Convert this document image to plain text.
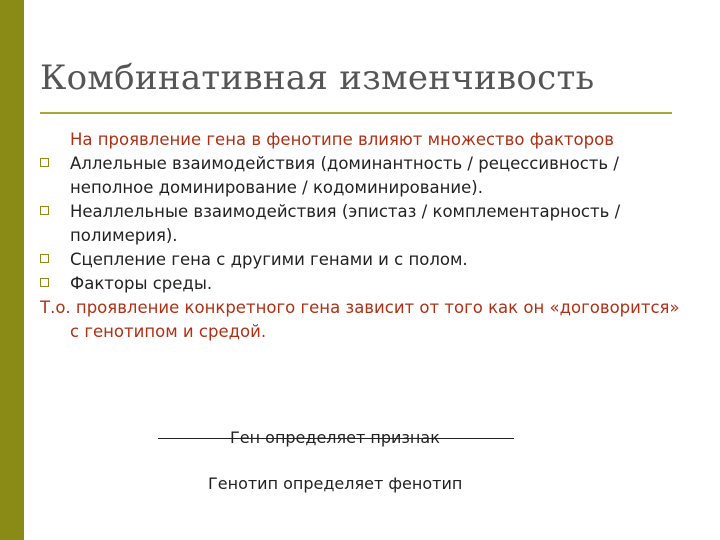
Комбинативная изменчивость
На проявление гена в фенотипе влияют множество факторов
Аллельные взаимодействия (доминантность / рецессивность / неполное доминирование / кодоминирование).
Неаллельные взаимодействия (эпистаз / комплементарность / полимерия).
Сцепление гена с другими генами и с полом.
Факторы среды.
Т.о. проявление конкретного гена зависит от того как он «договорится» с генотипом и средой.
Ген определяет признак
Генотип определяет фенотип
